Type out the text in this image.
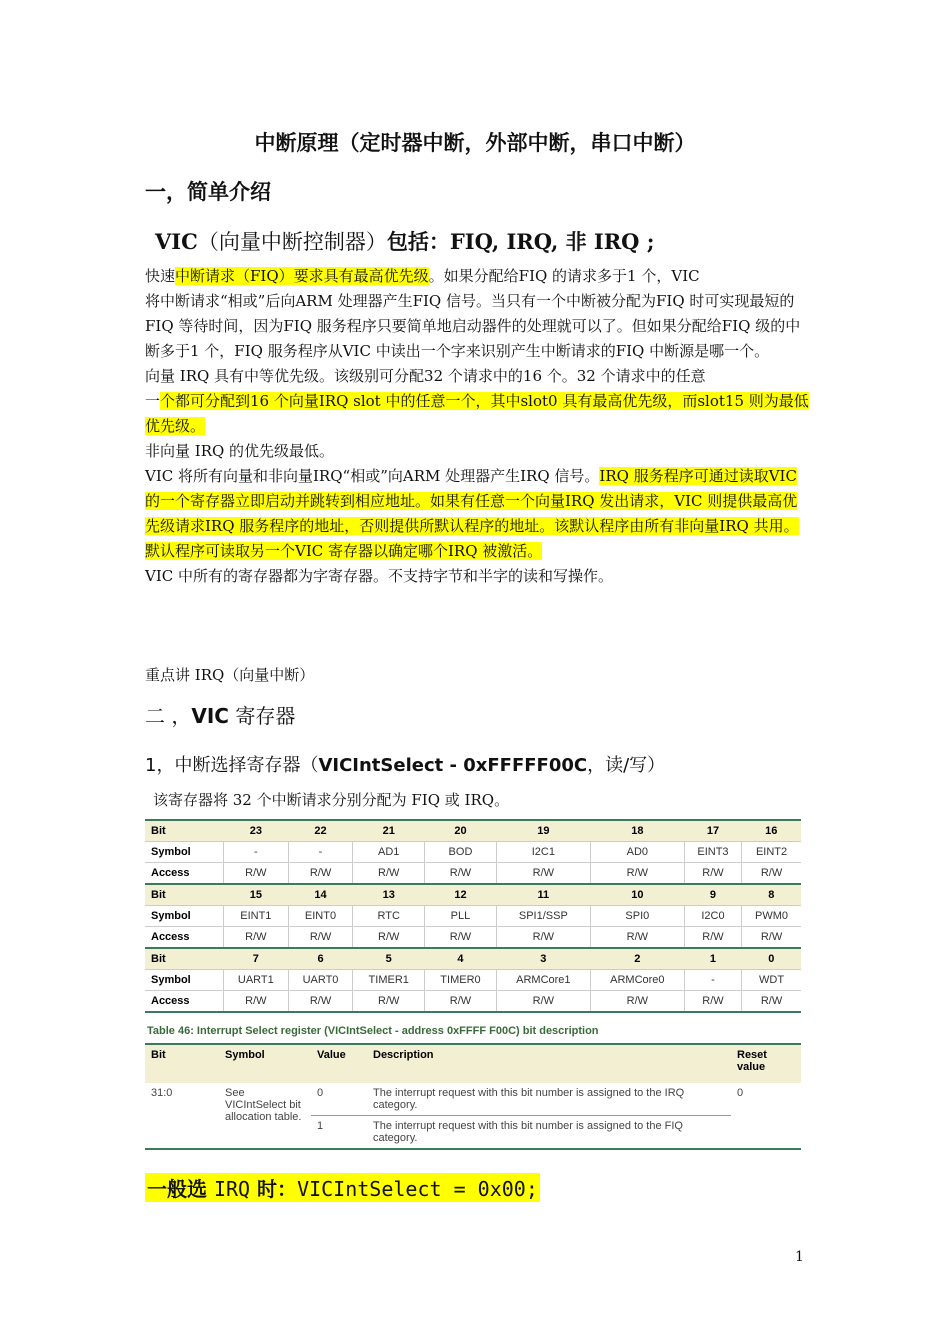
中断原理（定时器中断，外部中断，串口中断）
一，简单介绍
VIC（向量中断控制器）包括：FIQ, IRQ, 非 IRQ ;

快速中断请求（FIQ）要求具有最高优先级。如果分配给FIQ 的请求多于1 个，VIC
将中断请求“相或”后向ARM 处理器产生FIQ 信号。当只有一个中断被分配为FIQ 时可实现最短的FIQ 等待时间，因为FIQ 服务程序只要简单地启动器件的处理就可以了。但如果分配给FIQ 级的中断多于1 个，FIQ 服务程序从VIC 中读出一个字来识别产生中断请求的FIQ 中断源是哪一个。

向量 IRQ 具有中等优先级。该级别可分配32 个请求中的16 个。32 个请求中的任意
一个都可分配到16 个向量IRQ slot 中的任意一个，其中slot0 具有最高优先级，而slot15 则为最低优先级。

非向量 IRQ 的优先级最低。

VIC 将所有向量和非向量IRQ“相或”向ARM 处理器产生IRQ 信号。IRQ 服务程序可通过读取VIC 的一个寄存器立即启动并跳转到相应地址。如果有任意一个向量IRQ 发出请求，VIC 则提供最高优先级请求IRQ 服务程序的地址，否则提供所默认程序的地址。该默认程序由所有非向量IRQ 共用。默认程序可读取另一个VIC 寄存器以确定哪个IRQ 被激活。

VIC 中所有的寄存器都为字寄存器。不支持字节和半字的读和写操作。

重点讲 IRQ（向量中断）
二 ，VIC 寄存器
1，中断选择寄存器（VICIntSelect - 0xFFFFF00C，读/写）
该寄存器将 32 个中断请求分别分配为 FIQ 或 IRQ。
Bit	23	22	21	20	19	18	17	16
Symbol	-	-	AD1	BOD	I2C1	AD0	EINT3	EINT2
Access	R/W	R/W	R/W	R/W	R/W	R/W	R/W	R/W
Bit	15	14	13	12	11	10	9	8
Symbol	EINT1	EINT0	RTC	PLL	SPI1/SSP	SPI0	I2C0	PWM0
Access	R/W	R/W	R/W	R/W	R/W	R/W	R/W	R/W
Bit	7	6	5	4	3	2	1	0
Symbol	UART1	UART0	TIMER1	TIMER0	ARMCore1	ARMCore0	-	WDT
Access	R/W	R/W	R/W	R/W	R/W	R/W	R/W	R/W
Table 46: Interrupt Select register (VICIntSelect - address 0xFFFF F00C) bit description
Bit	Symbol	Value	Description	Reset value
31:0	See VICIntSelect bit allocation table.	0	The interrupt request with this bit number is assigned to the IRQ category.	0
		1	The interrupt request with this bit number is assigned to the FIQ category.	
一般选 IRQ 时：VICIntSelect = 0x00;
1
